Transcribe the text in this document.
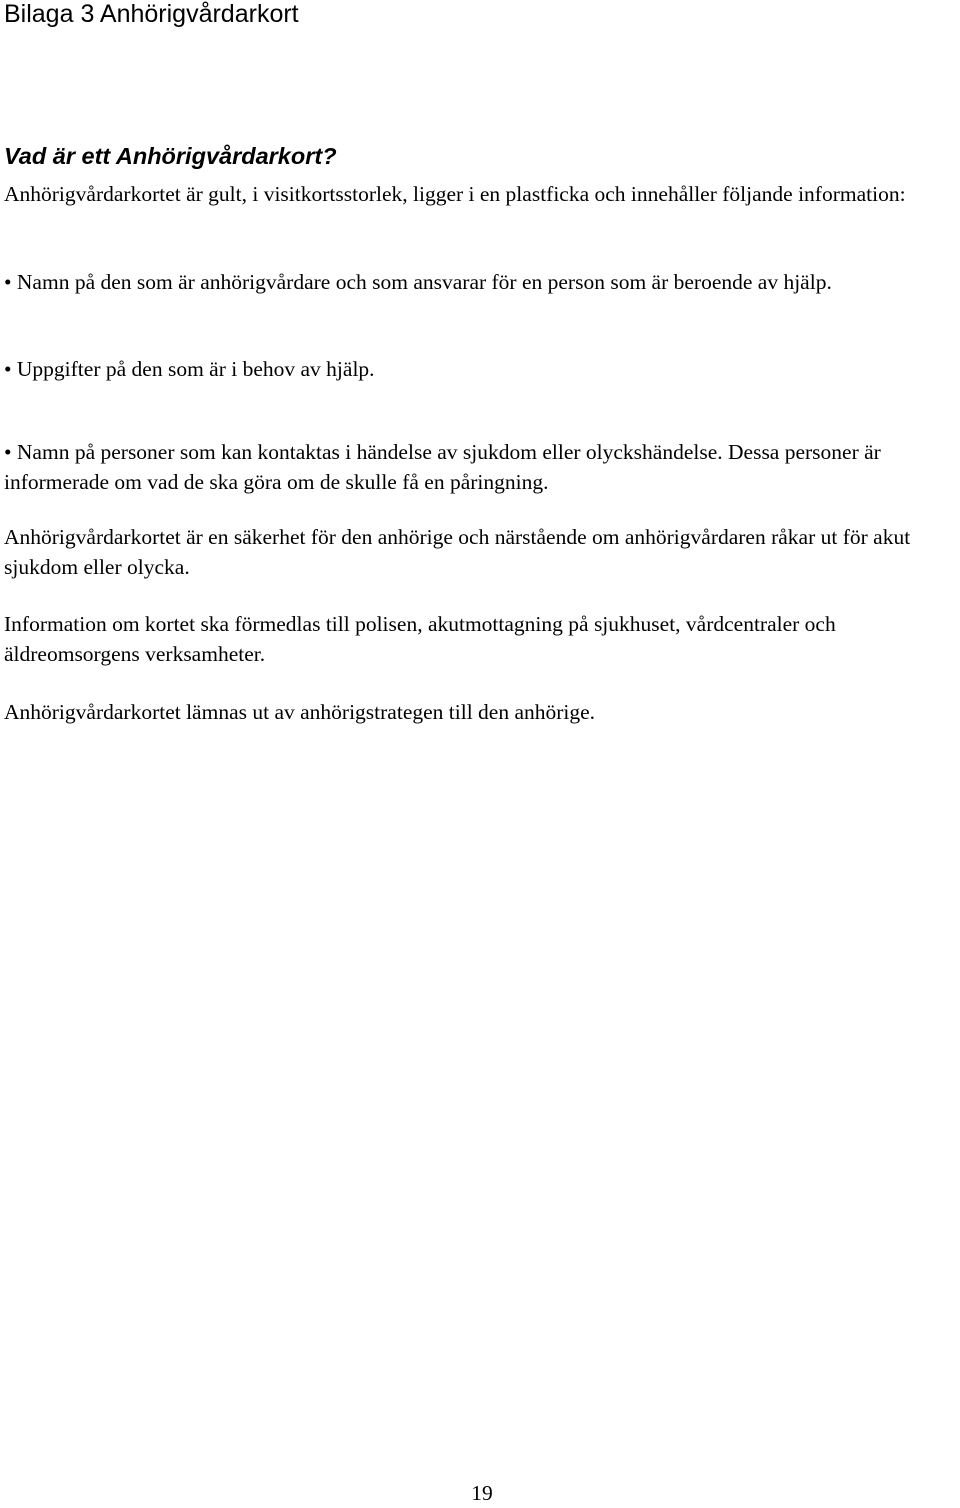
Bilaga 3 Anhörigvårdarkort
Vad är ett Anhörigvårdarkort?

Anhörigvårdarkortet är gult, i visitkortsstorlek, ligger i en plastficka och innehåller följande information:

• Namn på den som är anhörigvårdare och som ansvarar för en person som är beroende av hjälp.

• Uppgifter på den som är i behov av hjälp.

• Namn på personer som kan kontaktas i händelse av sjukdom eller olyckshändelse. Dessa personer är informerade om vad de ska göra om de skulle få en påringning.

Anhörigvårdarkortet är en säkerhet för den anhörige och närstående om anhörigvårdaren råkar ut för akut sjukdom eller olycka.

Information om kortet ska förmedlas till polisen, akutmottagning på sjukhuset, vårdcentraler och äldreomsorgens verksamheter.

Anhörigvårdarkortet lämnas ut av anhörigstrategen till den anhörige.

19
